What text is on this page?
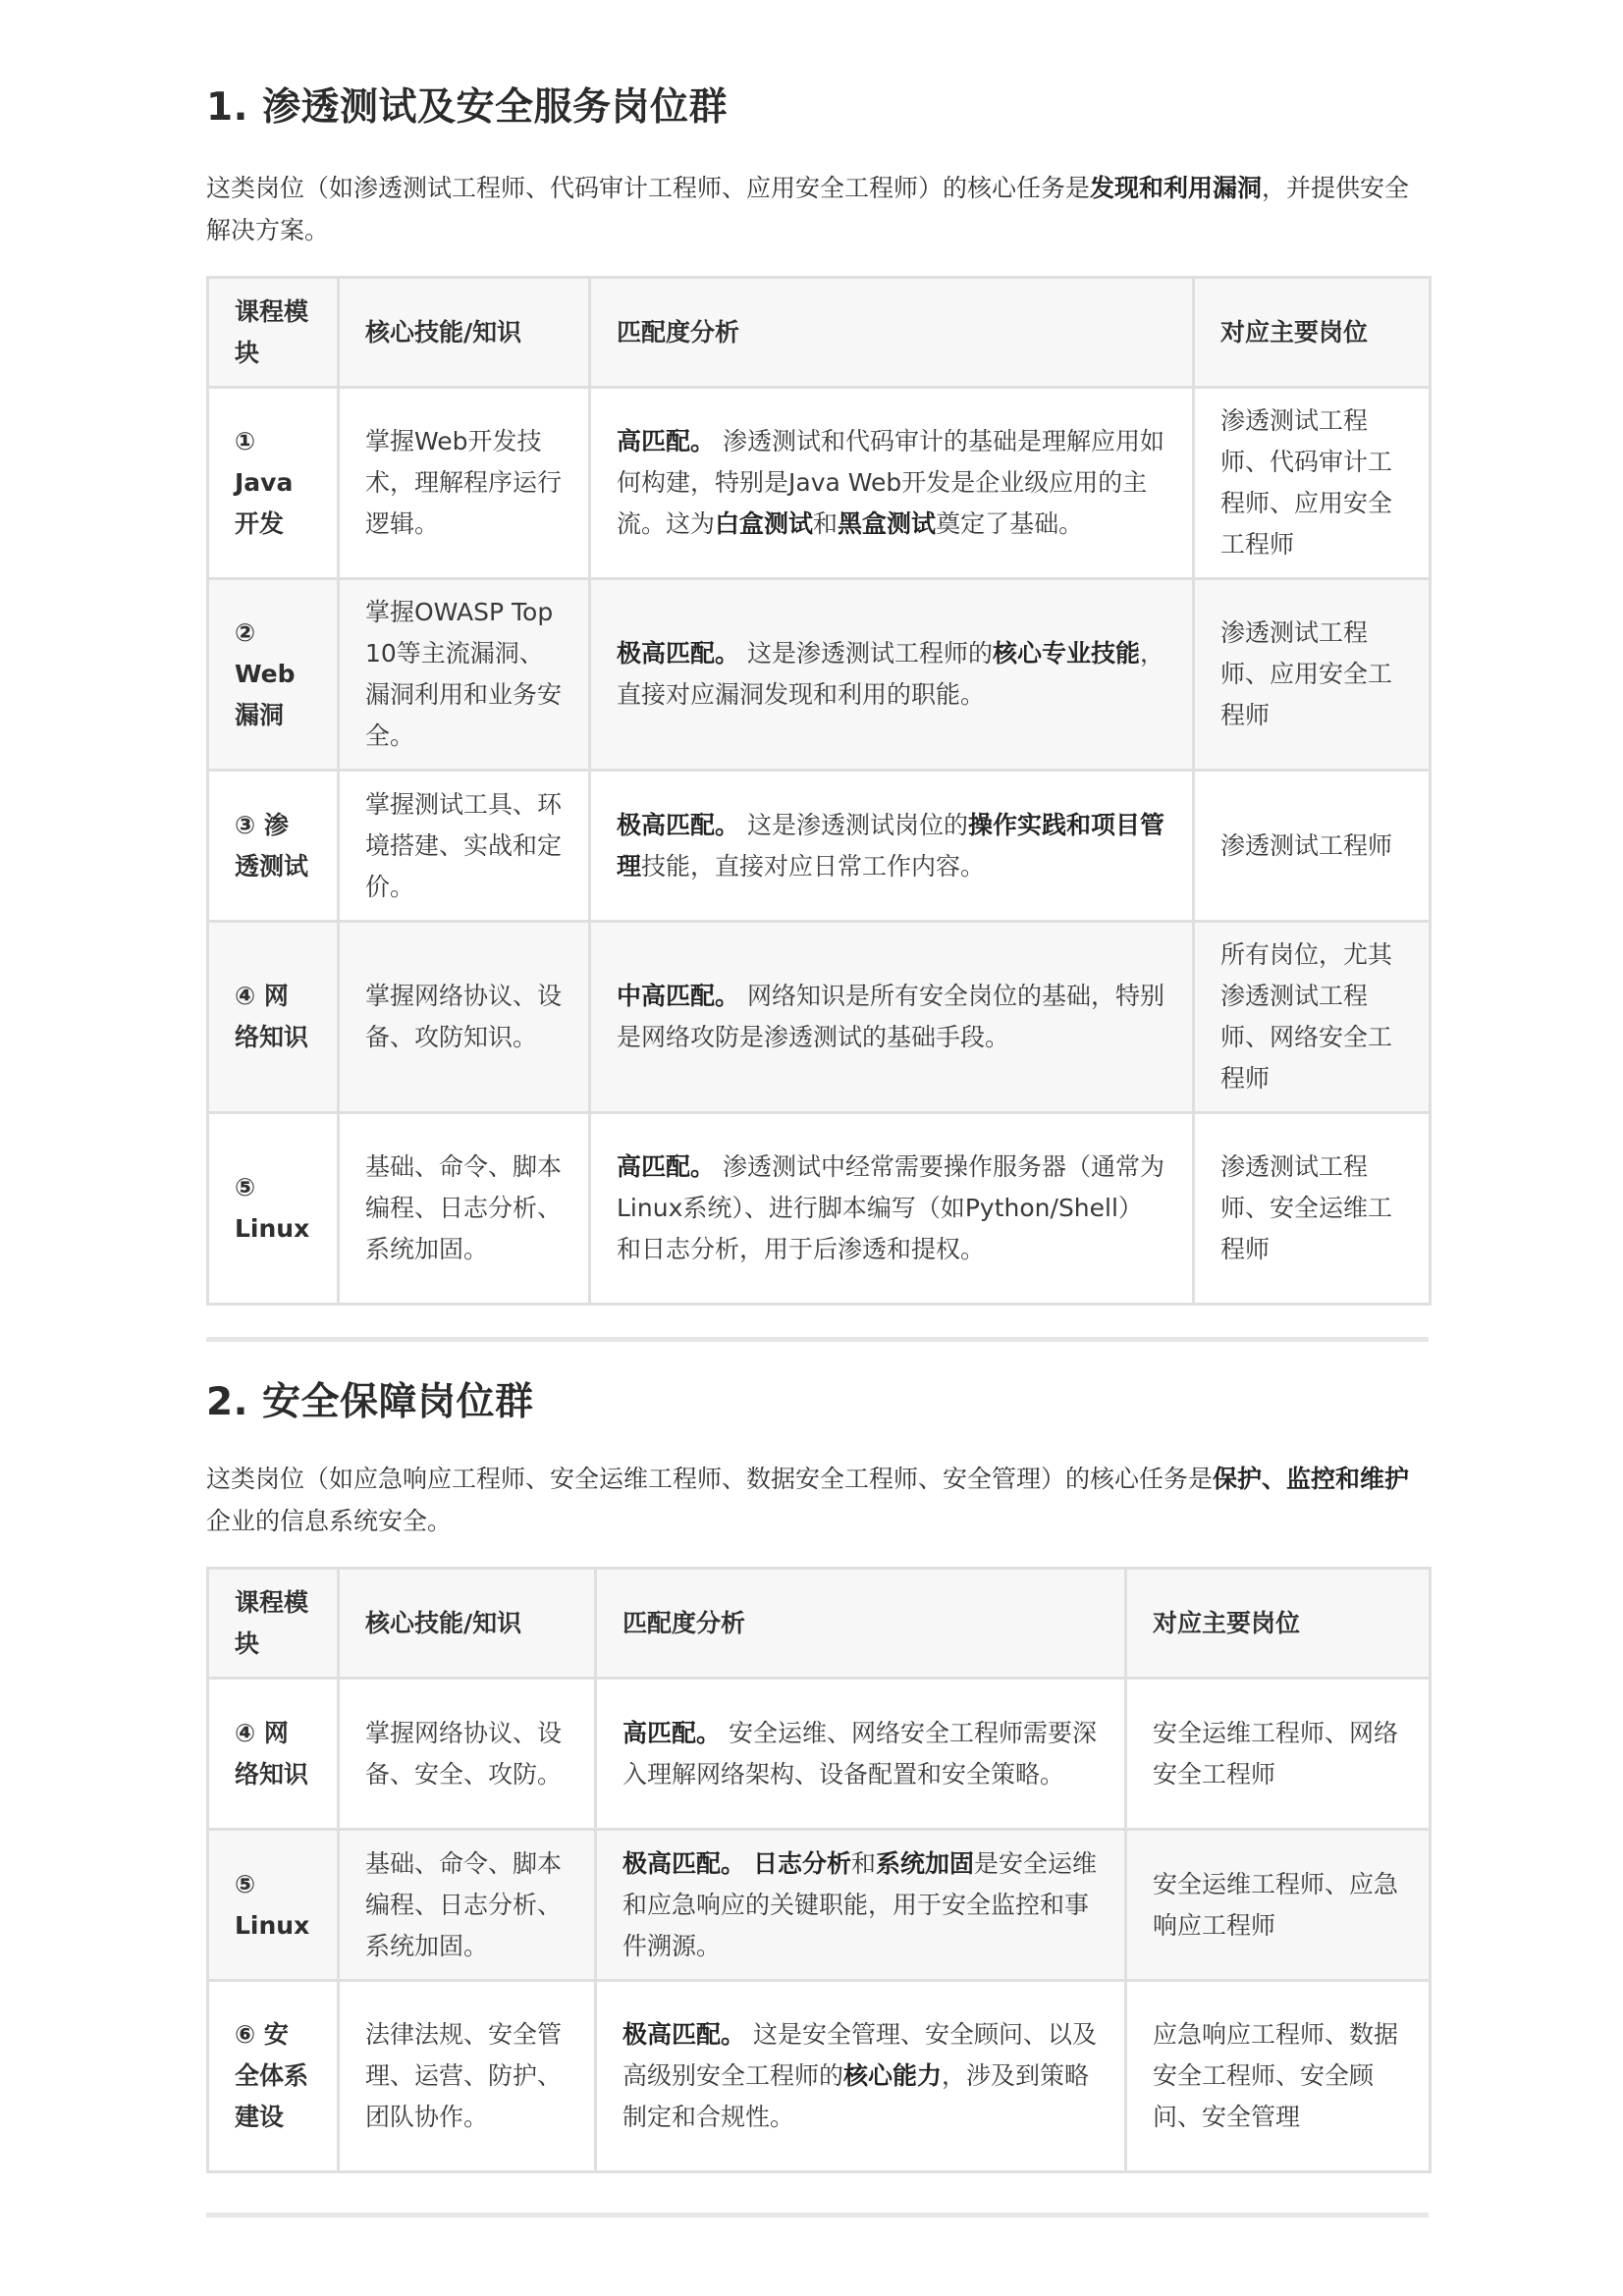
1. 渗透测试及安全服务岗位群

这类岗位（如渗透测试工程师、代码审计工程师、应用安全工程师）的核心任务是发现和利用漏洞，并提供安全解决方案。

课程模块	核心技能/知识	匹配度分析	对应主要岗位
① Java开发	掌握Web开发技术，理解程序运行逻辑。	高匹配。 渗透测试和代码审计的基础是理解应用如何构建，特别是Java Web开发是企业级应用的主流。这为白盒测试和黑盒测试奠定了基础。	渗透测试工程师、代码审计工程师、应用安全工程师
② Web漏洞	掌握OWASP Top 10等主流漏洞、漏洞利用和业务安全。	极高匹配。 这是渗透测试工程师的核心专业技能，直接对应漏洞发现和利用的职能。	渗透测试工程师、应用安全工程师
③ 渗透测试	掌握测试工具、环境搭建、实战和定价。	极高匹配。 这是渗透测试岗位的操作实践和项目管理技能，直接对应日常工作内容。	渗透测试工程师
④ 网络知识	掌握网络协议、设备、攻防知识。	中高匹配。 网络知识是所有安全岗位的基础，特别是网络攻防是渗透测试的基础手段。	所有岗位，尤其渗透测试工程师、网络安全工程师
⑤ Linux	基础、命令、脚本编程、日志分析、系统加固。	高匹配。 渗透测试中经常需要操作服务器（通常为Linux系统）、进行脚本编写（如Python/Shell）和日志分析，用于后渗透和提权。	渗透测试工程师、安全运维工程师
2. 安全保障岗位群

这类岗位（如应急响应工程师、安全运维工程师、数据安全工程师、安全管理）的核心任务是保护、监控和维护企业的信息系统安全。

课程模块	核心技能/知识	匹配度分析	对应主要岗位
④ 网络知识	掌握网络协议、设备、安全、攻防。	高匹配。 安全运维、网络安全工程师需要深入理解网络架构、设备配置和安全策略。	安全运维工程师、网络安全工程师
⑤ Linux	基础、命令、脚本编程、日志分析、系统加固。	极高匹配。 日志分析和系统加固是安全运维和应急响应的关键职能，用于安全监控和事件溯源。	安全运维工程师、应急响应工程师
⑥ 安全体系建设	法律法规、安全管理、运营、防护、团队协作。	极高匹配。 这是安全管理、安全顾问、以及高级别安全工程师的核心能力，涉及到策略制定和合规性。	应急响应工程师、数据安全工程师、安全顾问、安全管理
